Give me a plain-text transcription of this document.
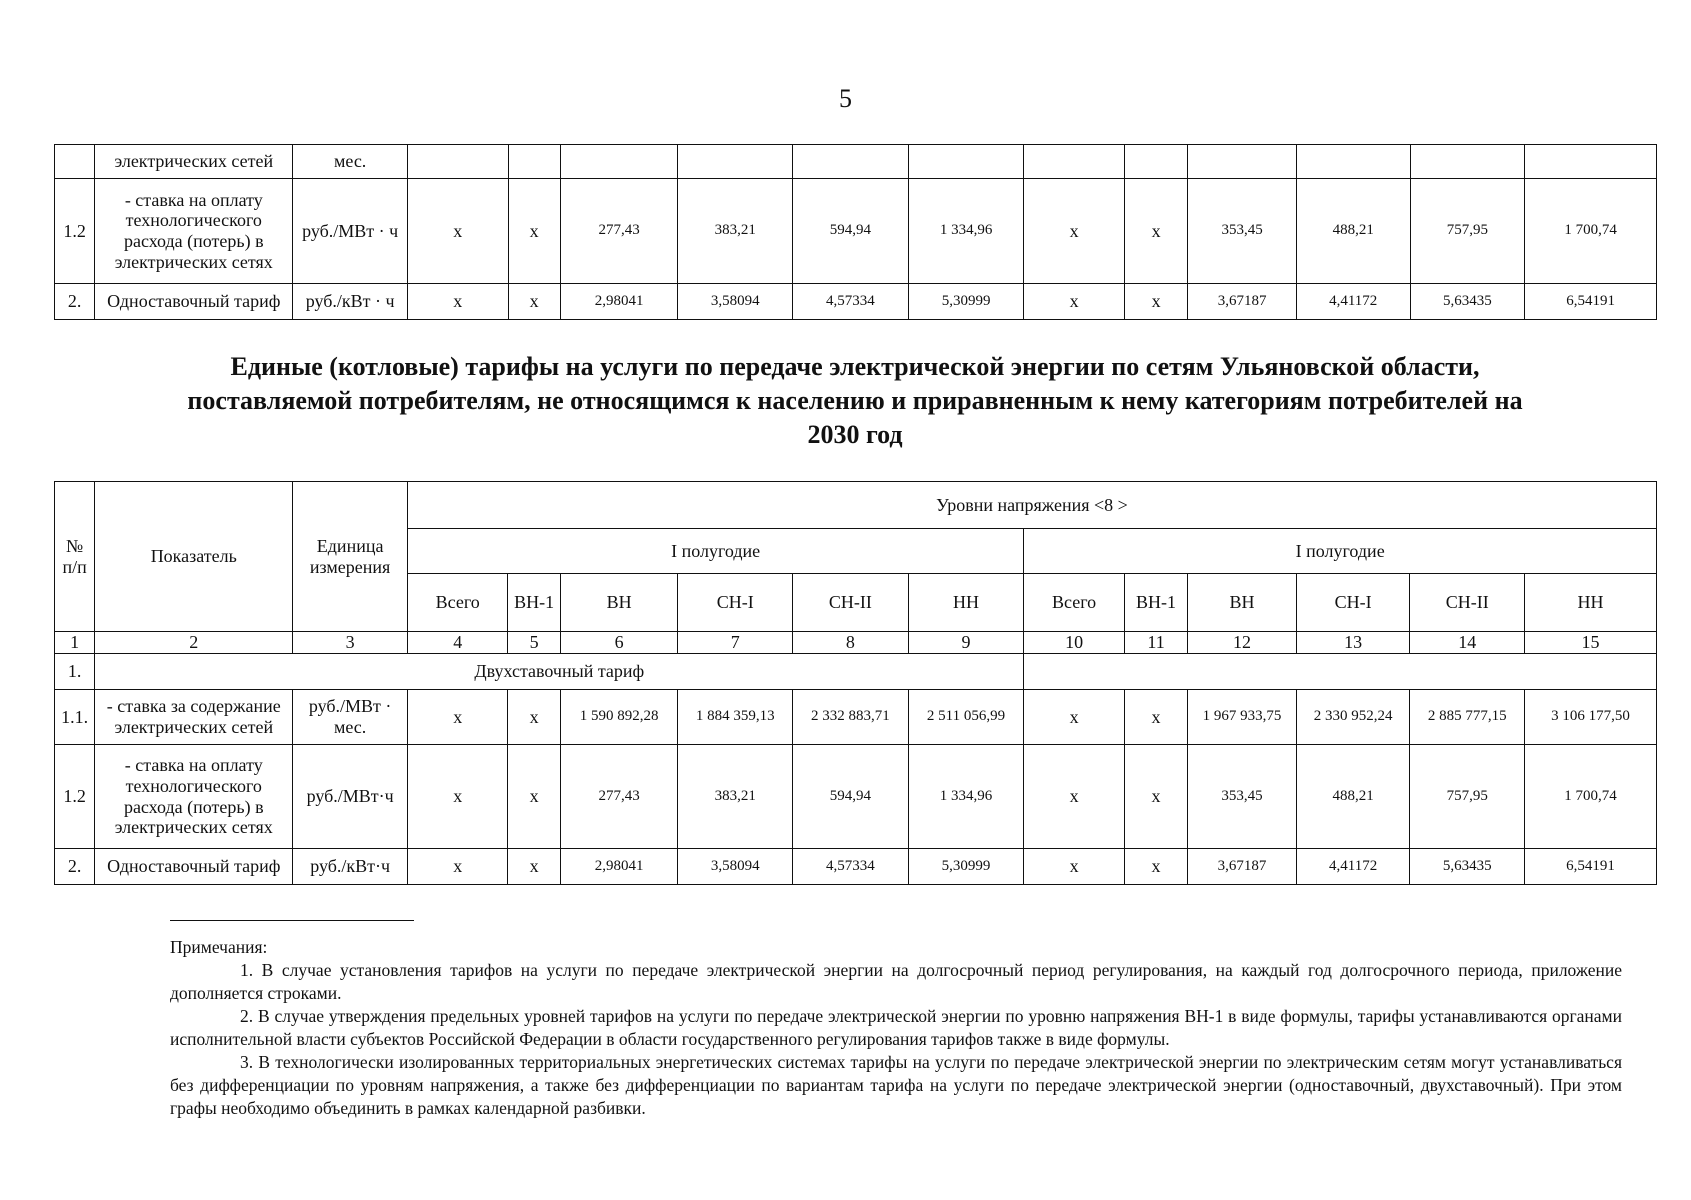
5
	электрических сетей	мес.												
1.2	- ставка на оплату технологического расхода (потерь) в электрических сетях	руб./МВт · ч	x	x	277,43	383,21	594,94	1 334,96	x	x	353,45	488,21	757,95	1 700,74
2.	Одноставочный тариф	руб./кВт · ч	x	x	2,98041	3,58094	4,57334	5,30999	x	x	3,67187	4,41172	5,63435	6,54191
Единые (котловые) тарифы на услуги по передаче электрической энергии по сетям Ульяновской области,
поставляемой потребителям, не относящимся к населению и приравненным к нему категориям потребителей на
2030 год
№ п/п	Показатель	Единица измерения	Уровни напряжения <8 >											
			I полугодие						I полугодие					
			Всего	ВН-1	ВН	СН-I	СН-II	НН	Всего	ВН-1	ВН	СН-I	СН-II	НН
1	2	3	4	5	6	7	8	9	10	11	12	13	14	15
1.	Двухставочный тариф													
1.1.	- ставка за содержание электрических сетей	руб./МВт · мес.	x	x	1 590 892,28	1 884 359,13	2 332 883,71	2 511 056,99	x	x	1 967 933,75	2 330 952,24	2 885 777,15	3 106 177,50
1.2	- ставка на оплату технологического расхода (потерь) в электрических сетях	руб./МВт·ч	x	x	277,43	383,21	594,94	1 334,96	x	x	353,45	488,21	757,95	1 700,74
2.	Одноставочный тариф	руб./кВт·ч	x	x	2,98041	3,58094	4,57334	5,30999	x	x	3,67187	4,41172	5,63435	6,54191

Примечания:

1. В случае установления тарифов на услуги по передаче электрической энергии на долгосрочный период регулирования, на каждый год долгосрочного периода, приложение дополняется строками.

2. В случае утверждения предельных уровней тарифов на услуги по передаче электрической энергии по уровню напряжения ВН-1 в виде формулы, тарифы устанавливаются органами исполнительной власти субъектов Российской Федерации в области государственного регулирования тарифов также в виде формулы.

3. В технологически изолированных территориальных энергетических системах тарифы на услуги по передаче электрической энергии по электрическим сетям могут устанавливаться без дифференциации по уровням напряжения, а также без дифференциации по вариантам тарифа на услуги по передаче электрической энергии (одноставочный, двухставочный). При этом графы необходимо объединить в рамках календарной разбивки.
